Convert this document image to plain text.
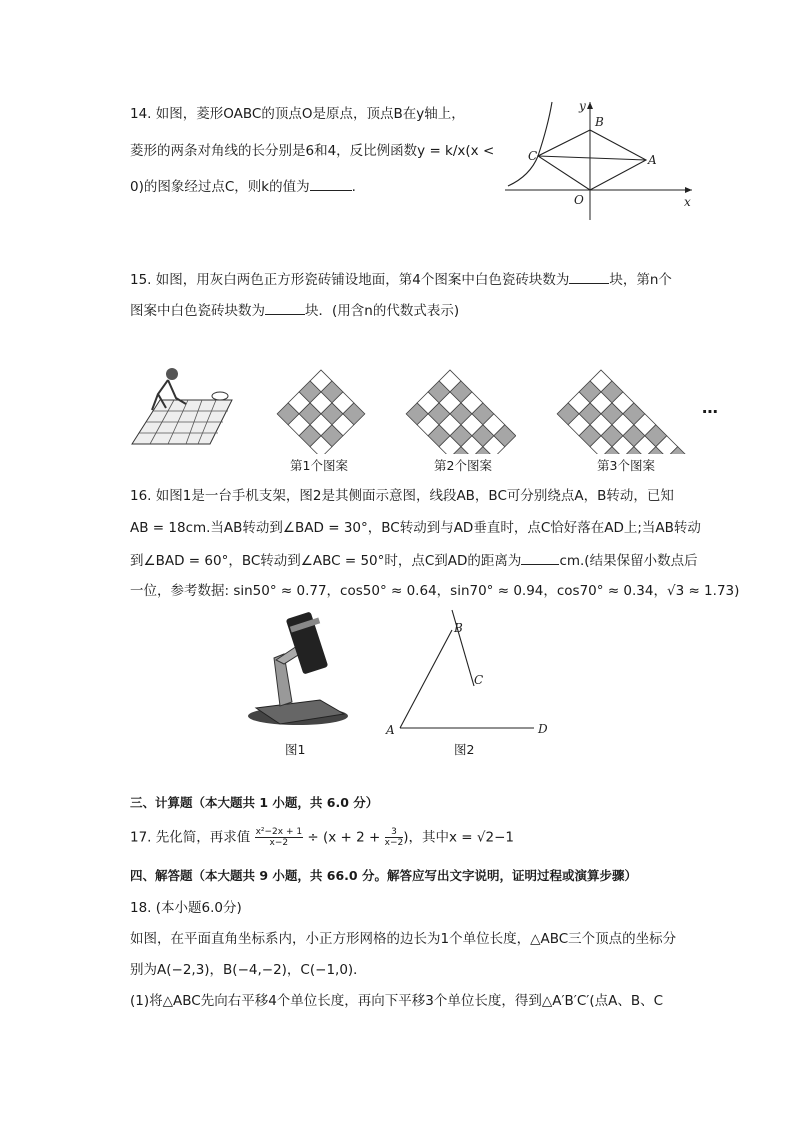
14. 如图，菱形OABC的顶点O是原点，顶点B在y轴上，
菱形的两条对角线的长分别是6和4，反比例函数y = k/x(x <
0)的图象经过点C，则k的值为	.
y
B
C	A
O	x
15. 如图，用灰白两色正方形瓷砖铺设地面，第4个图案中白色瓷砖块数为	块，第n个
图案中白色瓷砖块数为	块．(用含n的代数式表示)
⋯
第1个图案	第2个图案	第3个图案
16. 如图1是一台手机支架，图2是其侧面示意图，线段AB，BC可分别绕点A，B转动，已知
AB = 18cm.当AB转动到∠BAD = 30°，BC转动到与AD垂直时，点C恰好落在AD上;当AB转动
到∠BAD = 60°，BC转动到∠ABC = 50°时，点C到AD的距离为	cm.(结果保留小数点后
一位，参考数据: sin50° ≈ 0.77，cos50° ≈ 0.64，sin70° ≈ 0.94，cos70° ≈ 0.34，√3 ≈ 1.73)
图1
A
B
C
D
图2
三、计算题（本大题共 1 小题，共 6.0 分）
17. 先化简，再求值 $\frac{\text{x²−2x + 1}}{x-2} \div (x + 2 + \frac{3}{x-2}$ )，其中x = √2−1
四、解答题（本大题共 9 小题，共 66.0 分。解答应写出文字说明，证明过程或演算步骤）
18. (本小题6.0分)
如图，在平面直角坐标系内，小正方形网格的边长为1个单位长度，△ABC三个顶点的坐标分
别为A(−2,3)，B(−4,−2)，C(−1,0)．
(1)将△ABC先向右平移4个单位长度，再向下平移3个单位长度，得到△A′B′C′(点A、B、C
